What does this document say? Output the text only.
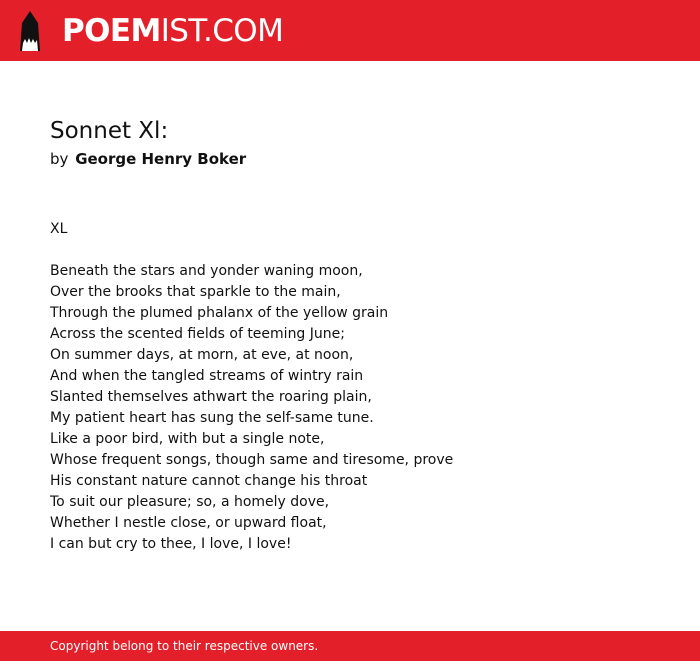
POEMIST.COM
Sonnet Xl:
by George Henry Boker
XL
Beneath the stars and yonder waning moon,
Over the brooks that sparkle to the main,
Through the plumed phalanx of the yellow grain
Across the scented fields of teeming June;
On summer days, at morn, at eve, at noon,
And when the tangled streams of wintry rain
Slanted themselves athwart the roaring plain,
My patient heart has sung the self-same tune.
Like a poor bird, with but a single note,
Whose frequent songs, though same and tiresome, prove
His constant nature cannot change his throat
To suit our pleasure; so, a homely dove,
Whether I nestle close, or upward float,
I can but cry to thee, I love, I love!
Copyright belong to their respective owners.
